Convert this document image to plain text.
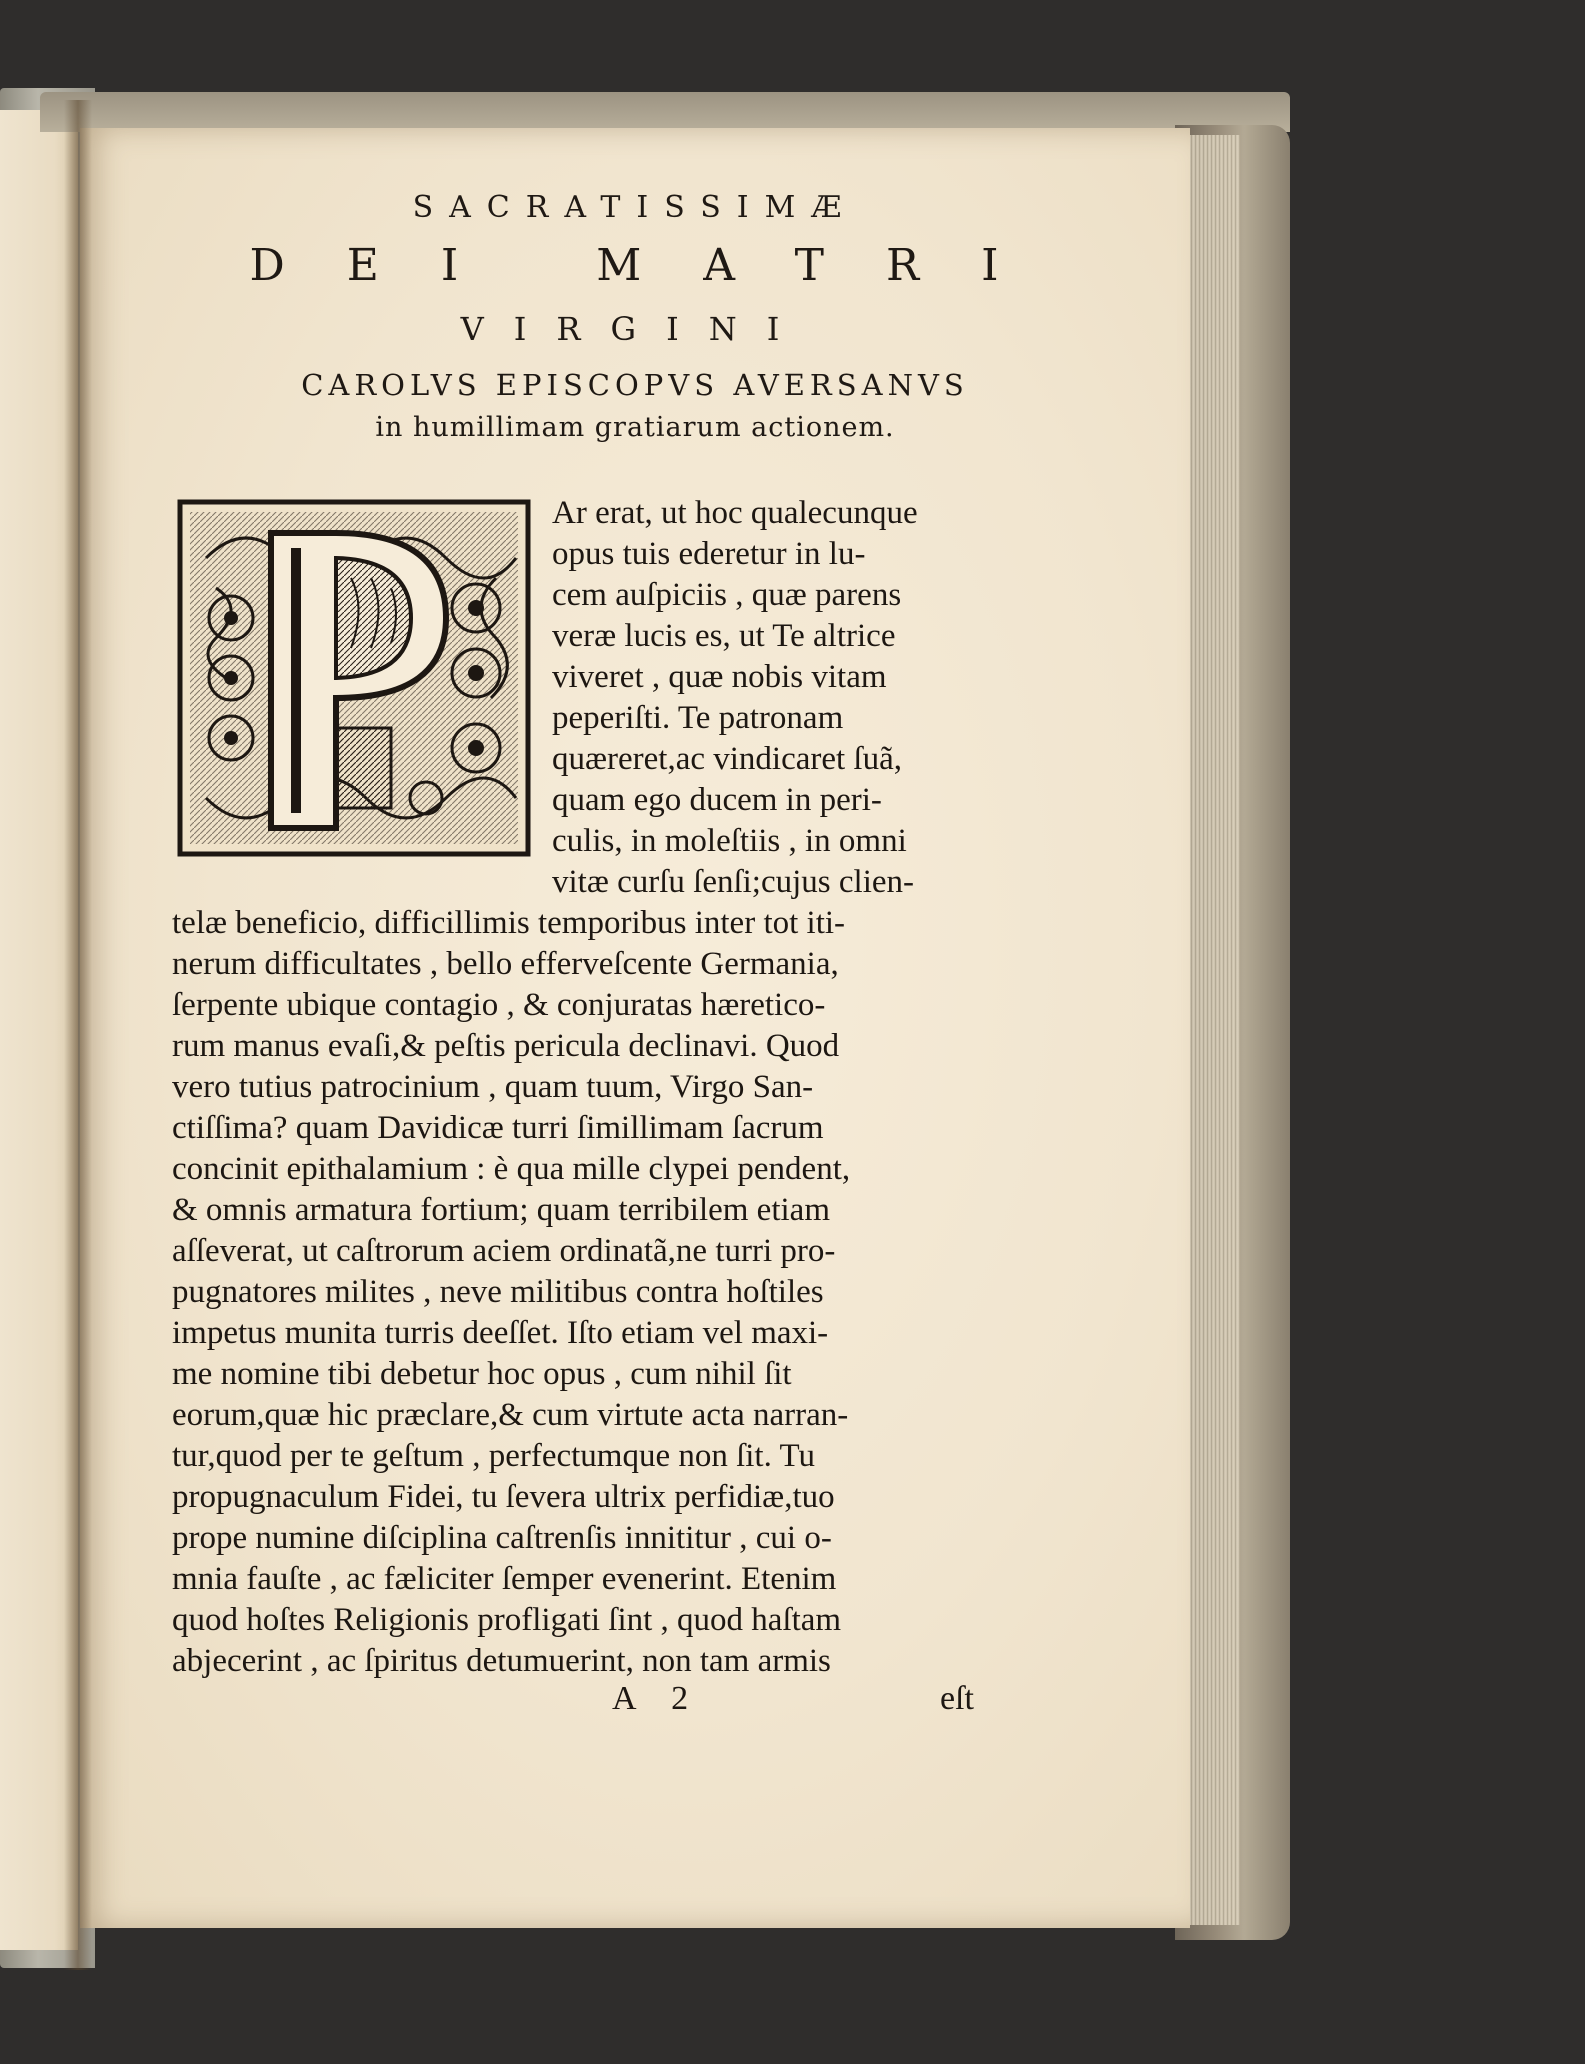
SACRATISSIMÆ
DEI MATRI
VIRGINI
CAROLVS EPISCOPVS AVERSANVS
in humillimam gratiarum actionem.
Ar erat, ut hoc qualecunque
opus tuis ederetur in lu-
cem auſpiciis , quæ parens
veræ lucis es, ut Te altrice
viveret , quæ nobis vitam
peperiſti. Te patronam
quæreret,ac vindicaret ſuã,
quam ego ducem in peri-
culis, in moleſtiis , in omni
vitæ curſu ſenſi;cujus clien-
telæ beneficio, difficillimis temporibus inter tot iti-
nerum difficultates , bello efferveſcente Germania,
ſerpente ubique contagio , & conjuratas hæretico-
rum manus evaſi,& peſtis pericula declinavi. Quod
vero tutius patrocinium , quam tuum, Virgo San-
ctiſſima? quam Davidicæ turri ſimillimam ſacrum
concinit epithalamium : è qua mille clypei pendent,
& omnis armatura fortium; quam terribilem etiam
aſſeverat, ut caſtrorum aciem ordinatã,ne turri pro-
pugnatores milites , neve militibus contra hoſtiles
impetus munita turris deeſſet. Iſto etiam vel maxi-
me nomine tibi debetur hoc opus , cum nihil ſit
eorum,quæ hic præclare,& cum virtute acta narran-
tur,quod per te geſtum , perfectumque non ſit. Tu
propugnaculum Fidei, tu ſevera ultrix perfidiæ,tuo
prope numine diſciplina caſtrenſis innititur , cui o-
mnia fauſte , ac fæliciter ſemper evenerint. Etenim
quod hoſtes Religionis profligati ſint , quod haſtam
abjecerint , ac ſpiritus detumuerint, non tam armis
A 2	eſt
